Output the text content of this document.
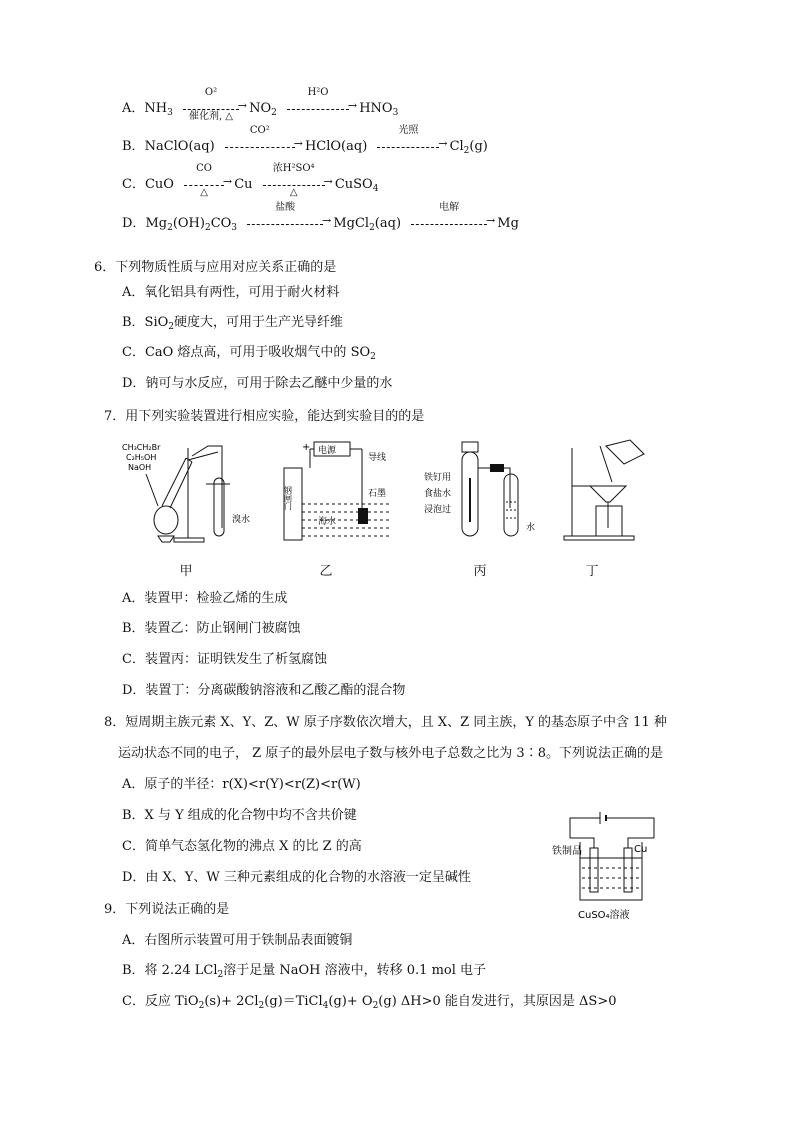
A．$NH_3$
O²
催化剂, △
→ $NO_2$
H²O
→ $HNO_3$
B．NaClO(aq)
CO²
→ HClO(aq)
光照
→ $Cl_2(g)$
C．CuO
CO
△
→ Cu
浓H²SO⁴
△
→ CuSO$_4$
D．$Mg_2(OH)_2CO_3$
盐酸
→ MgCl$_2$(aq)
电解
→ Mg
6．下列物质性质与应用对应关系正确的是
A．氧化铝具有两性，可用于耐火材料
B．SiO$_2$硬度大，可用于生产光导纤维
C．CaO 熔点高，可用于吸收烟气中的 $SO_2$
D．钠可与水反应，可用于除去乙醚中少量的水
7．用下列实验装置进行相应实验，能达到实验目的的是
CH₃CH₂Br
C₂H₅OH
NaOH
溴水
甲
+ 电源
导线
钢闸门	石墨
海水
乙
铁钉用
食盐水
浸泡过
水
丙	丁
A．装置甲：检验乙烯的生成
B．装置乙：防止钢闸门被腐蚀
C．装置丙：证明铁发生了析氢腐蚀
D．装置丁：分离碳酸钠溶液和乙酸乙酯的混合物
8．短周期主族元素 X、Y、Z、W 原子序数依次增大，且 X、Z 同主族，Y 的基态原子中含 11 种
运动状态不同的电子， Z 原子的最外层电子数与核外电子总数之比为 3∶8。下列说法正确的是
A．原子的半径：r(X)<r(Y)<r(Z)<r(W)
B．X 与 Y 组成的化合物中均不含共价键
C．简单气态氢化物的沸点 X 的比 Z 的高
D．由 X、Y、W 三种元素组成的化合物的水溶液一定呈碱性
铁制品	Cu
CuSO₄溶液
9．下列说法正确的是
A．右图所示装置可用于铁制品表面镀铜
B．将 2.24 LCl$_2$溶于足量 NaOH 溶液中，转移 0.1 mol 电子
C．反应 $TiO_2(s)+ 2Cl_2(g)=TiCl_4(g)+ O_2(g)$ ΔH>0 能自发进行，其原因是 ΔS>0
